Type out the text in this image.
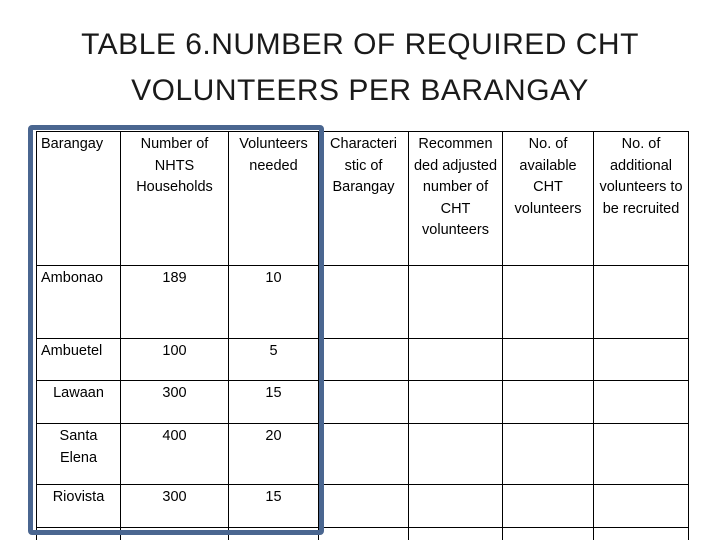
TABLE 6.NUMBER OF REQUIRED CHT
VOLUNTEERS PER BARANGAY
Barangay	Number of NHTS Households	Volunteers needed	Characteri stic of Barangay	Recommen ded adjusted number of CHT volunteers	No. of available CHT volunteers	No. of additional volunteers to be recruited
Ambonao	189	10				
Ambuetel	100	5				
Lawaan	300	15				
Santa Elena	400	20				
Riovista	300	15				
